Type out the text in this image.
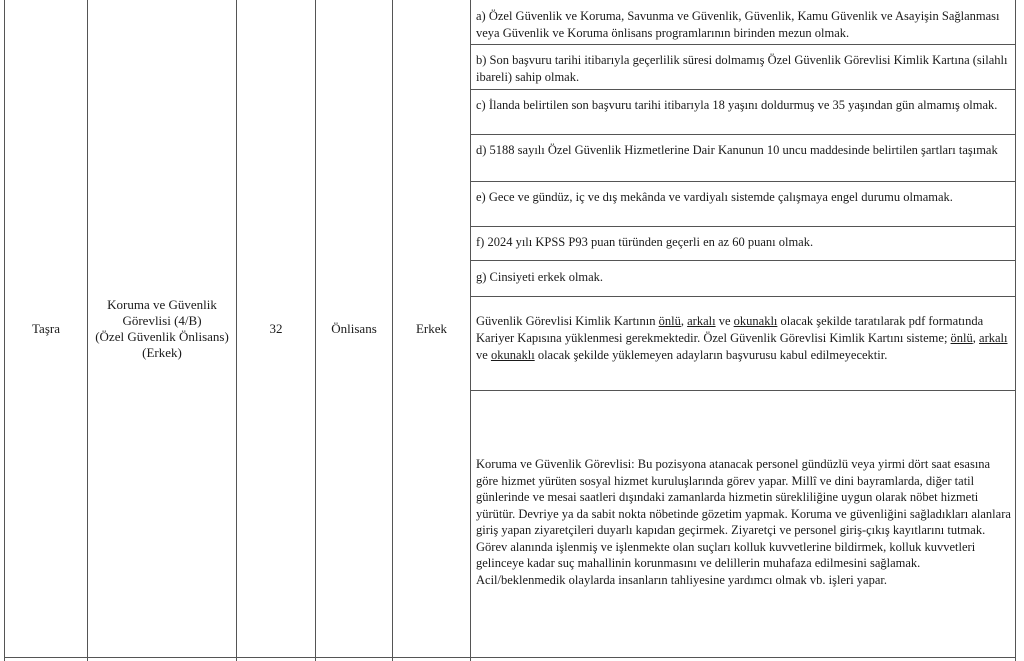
Taşra
Koruma ve Güvenlik
Görevlisi (4/B)
(Özel Güvenlik Önlisans)
(Erkek)
32	Önlisans	Erkek
a) Özel Güvenlik ve Koruma, Savunma ve Güvenlik, Güvenlik, Kamu Güvenlik ve Asayişin Sağlanması veya Güvenlik ve Koruma önlisans programlarının birinden mezun olmak.
b) Son başvuru tarihi itibarıyla geçerlilik süresi dolmamış Özel Güvenlik Görevlisi Kimlik Kartına (silahlı ibareli) sahip olmak.
c) İlanda belirtilen son başvuru tarihi itibarıyla 18 yaşını doldurmuş ve 35 yaşından gün almamış olmak.
d) 5188 sayılı Özel Güvenlik Hizmetlerine Dair Kanunun 10 uncu maddesinde belirtilen şartları taşımak
e) Gece ve gündüz, iç ve dış mekânda ve vardiyalı sistemde çalışmaya engel durumu olmamak.
f) 2024 yılı KPSS P93 puan türünden geçerli en az 60 puanı olmak.
g) Cinsiyeti erkek olmak.
Güvenlik Görevlisi Kimlik Kartının önlü, arkalı ve okunaklı olacak şekilde taratılarak pdf formatında Kariyer Kapısına yüklenmesi gerekmektedir. Özel Güvenlik Görevlisi Kimlik Kartını sisteme; önlü, arkalı ve okunaklı olacak şekilde yüklemeyen adayların başvurusu kabul edilmeyecektir.
Koruma ve Güvenlik Görevlisi: Bu pozisyona atanacak personel gündüzlü veya yirmi dört saat esasına göre hizmet yürüten sosyal hizmet kuruluşlarında görev yapar. Millî ve dini bayramlarda, diğer tatil günlerinde ve mesai saatleri dışındaki zamanlarda hizmetin sürekliliğine uygun olarak nöbet hizmeti yürütür. Devriye ya da sabit nokta nöbetinde gözetim yapmak. Koruma ve güvenliğini sağladıkları alanlara giriş yapan ziyaretçileri duyarlı kapıdan geçirmek. Ziyaretçi ve personel giriş-çıkış kayıtlarını tutmak. Görev alanında işlenmiş ve işlenmekte olan suçları kolluk kuvvetlerine bildirmek, kolluk kuvvetleri gelinceye kadar suç mahallinin korunmasını ve delillerin muhafaza edilmesini sağlamak. Acil/beklenmedik olaylarda insanların tahliyesine yardımcı olmak vb. işleri yapar.
